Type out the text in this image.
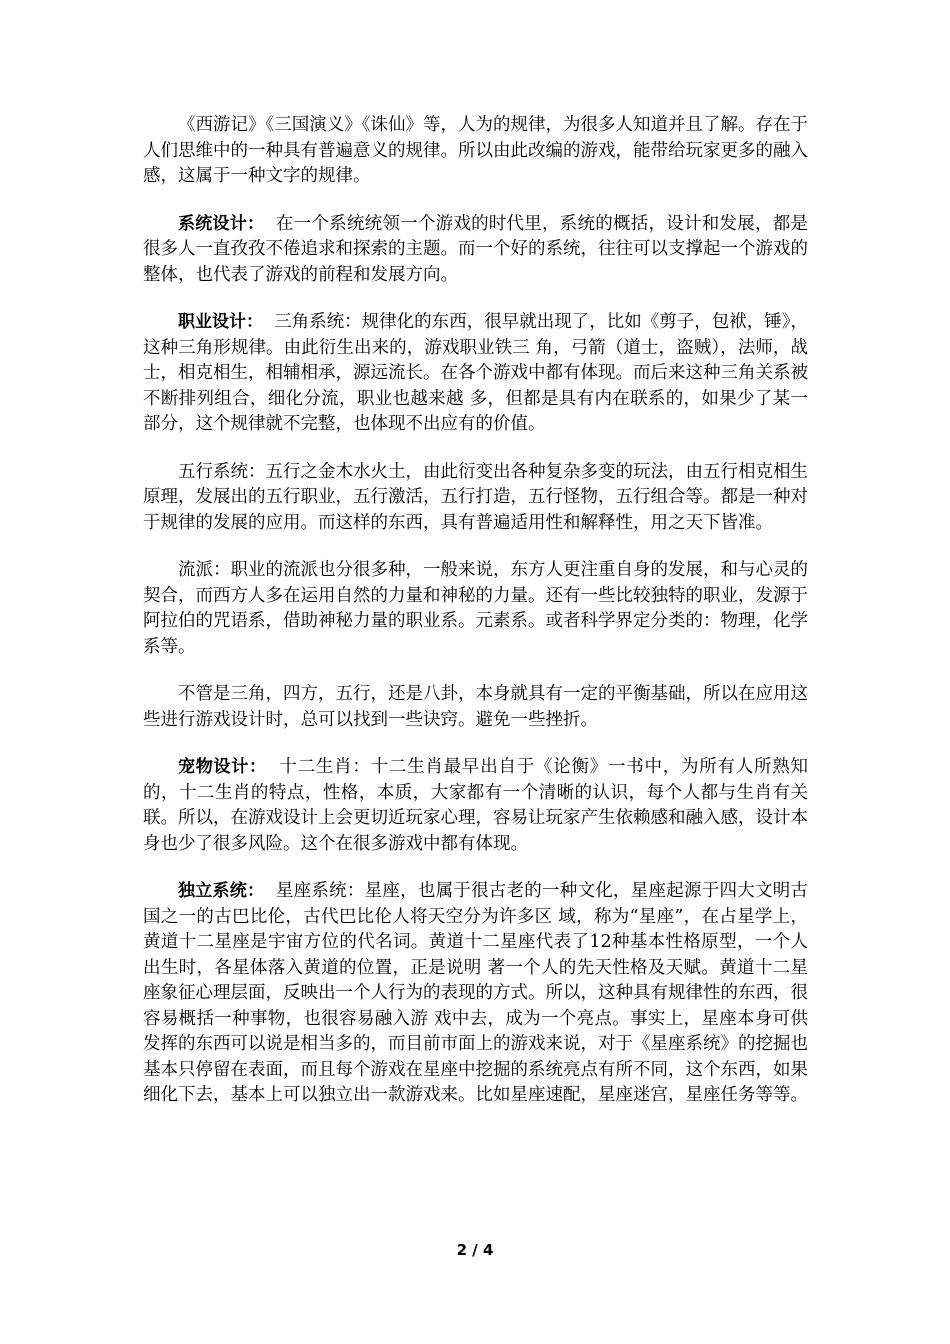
《西游记》《三国演义》《诛仙》等，人为的规律，为很多人知道并且了解。存在于人们思维中的一种具有普遍意义的规律。所以由此改编的游戏，能带给玩家更多的融入感，这属于一种文字的规律。

系统设计： 在一个系统统领一个游戏的时代里，系统的概括，设计和发展，都是很多人一直孜孜不倦追求和探索的主题。而一个好的系统，往往可以支撑起一个游戏的整体，也代表了游戏的前程和发展方向。

职业设计： 三角系统：规律化的东西，很早就出现了，比如《剪子，包袱，锤》，这种三角形规律。由此衍生出来的，游戏职业铁三 角，弓箭（道士，盗贼），法师，战士，相克相生，相辅相承，源远流长。在各个游戏中都有体现。而后来这种三角关系被不断排列组合，细化分流，职业也越来越 多，但都是具有内在联系的，如果少了某一部分，这个规律就不完整，也体现不出应有的价值。

五行系统：五行之金木水火土，由此衍变出各种复杂多变的玩法，由五行相克相生原理，发展出的五行职业，五行激活，五行打造，五行怪物，五行组合等。都是一种对于规律的发展的应用。而这样的东西，具有普遍适用性和解释性，用之天下皆准。

流派：职业的流派也分很多种，一般来说，东方人更注重自身的发展，和与心灵的契合，而西方人多在运用自然的力量和神秘的力量。还有一些比较独特的职业，发源于阿拉伯的咒语系，借助神秘力量的职业系。元素系。或者科学界定分类的：物理，化学系等。

不管是三角，四方，五行，还是八卦，本身就具有一定的平衡基础，所以在应用这些进行游戏设计时，总可以找到一些诀窍。避免一些挫折。

宠物设计： 十二生肖：十二生肖最早出自于《论衡》一书中，为所有人所熟知的，十二生肖的特点，性格，本质，大家都有一个清晰的认识，每个人都与生肖有关联。所以，在游戏设计上会更切近玩家心理，容易让玩家产生依赖感和融入感，设计本身也少了很多风险。这个在很多游戏中都有体现。

独立系统： 星座系统：星座，也属于很古老的一种文化，星座起源于四大文明古国之一的古巴比伦，古代巴比伦人将天空分为许多区 域，称为“星座”，在占星学上，黄道十二星座是宇宙方位的代名词。黄道十二星座代表了12种基本性格原型，一个人出生时，各星体落入黄道的位置，正是说明 著一个人的先天性格及天赋。黄道十二星座象征心理层面，反映出一个人行为的表现的方式。所以，这种具有规律性的东西，很容易概括一种事物，也很容易融入游 戏中去，成为一个亮点。事实上，星座本身可供发挥的东西可以说是相当多的，而目前市面上的游戏来说，对于《星座系统》的挖掘也基本只停留在表面，而且每个游戏在星座中挖掘的系统亮点有所不同，这个东西，如果细化下去，基本上可以独立出一款游戏来。比如星座速配，星座迷宫，星座任务等等。

2 / 4
